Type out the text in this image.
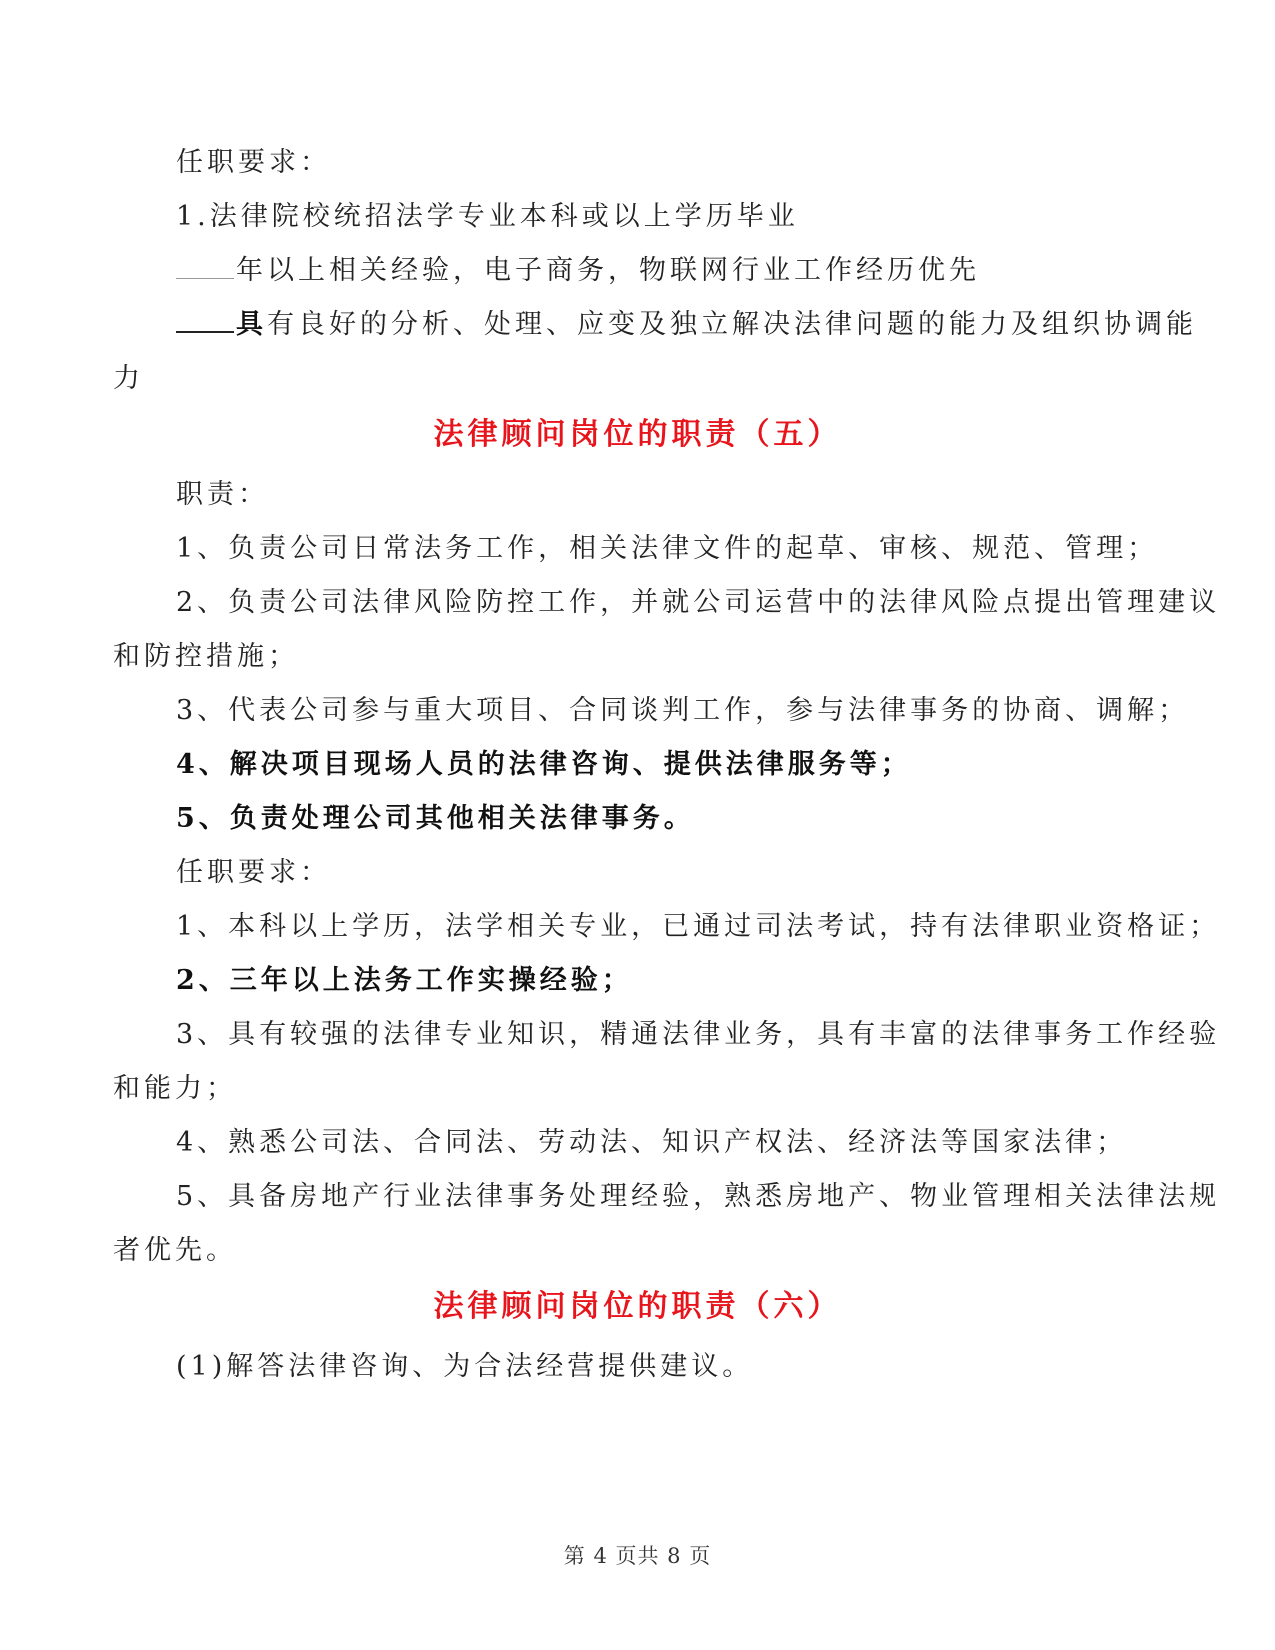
任职要求：
1.法律院校统招法学专业本科或以上学历毕业
年以上相关经验，电子商务，物联网行业工作经历优先
具有良好的分析、处理、应变及独立解决法律问题的能力及组织协调能
力
法律顾问岗位的职责（五）
职责：
1、负责公司日常法务工作，相关法律文件的起草、审核、规范、管理；
2、负责公司法律风险防控工作，并就公司运营中的法律风险点提出管理建议
和防控措施；
3、代表公司参与重大项目、合同谈判工作，参与法律事务的协商、调解；
4、解决项目现场人员的法律咨询、提供法律服务等；
5、负责处理公司其他相关法律事务。
任职要求：
1、本科以上学历，法学相关专业，已通过司法考试，持有法律职业资格证；
2、三年以上法务工作实操经验；
3、具有较强的法律专业知识，精通法律业务，具有丰富的法律事务工作经验
和能力；
4、熟悉公司法、合同法、劳动法、知识产权法、经济法等国家法律；
5、具备房地产行业法律事务处理经验，熟悉房地产、物业管理相关法律法规
者优先。
法律顾问岗位的职责（六）
(1)解答法律咨询、为合法经营提供建议。
第 4 页共 8 页
